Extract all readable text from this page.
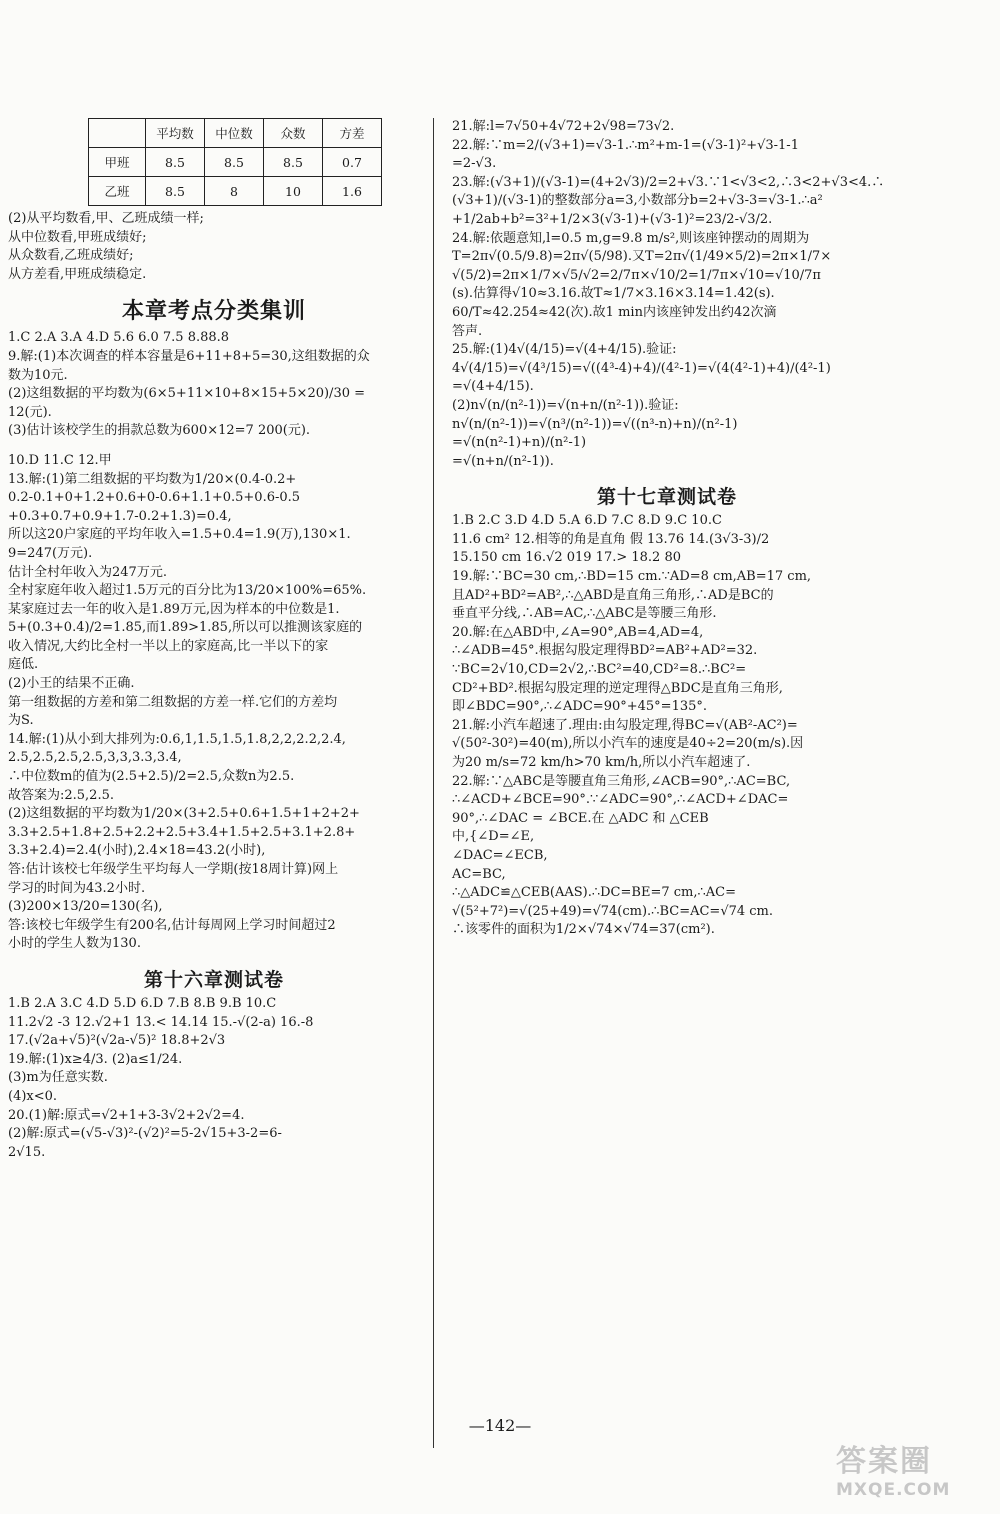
	平均数	中位数	众数	方差
甲班	8.5	8.5	8.5	0.7
乙班	8.5	8	10	1.6
(2)从平均数看,甲、乙班成绩一样;
从中位数看,甲班成绩好;
从众数看,乙班成绩好;
从方差看,甲班成绩稳定.
本章考点分类集训
1.C 2.A 3.A 4.D 5.6 6.0 7.5 8.88.8
9.解:(1)本次调查的样本容量是6+11+8+5=30,这组数据的众
数为10元.
(2)这组数据的平均数为(6×5+11×10+8×15+5×20)/30 =
12(元).
(3)估计该校学生的捐款总数为600×12=7 200(元).
10.D 11.C 12.甲
13.解:(1)第二组数据的平均数为1/20×(0.4-0.2+
0.2-0.1+0+1.2+0.6+0-0.6+1.1+0.5+0.6-0.5
+0.3+0.7+0.9+1.7-0.2+1.3)=0.4,
所以这20户家庭的平均年收入=1.5+0.4=1.9(万),130×1.
9=247(万元).
估计全村年收入为247万元.
全村家庭年收入超过1.5万元的百分比为13/20×100%=65%.
某家庭过去一年的收入是1.89万元,因为样本的中位数是1.
5+(0.3+0.4)/2=1.85,而1.89>1.85,所以可以推测该家庭的
收入情况,大约比全村一半以上的家庭高,比一半以下的家
庭低.
(2)小王的结果不正确.
第一组数据的方差和第二组数据的方差一样.它们的方差均
为S.
14.解:(1)从小到大排列为:0.6,1,1.5,1.5,1.8,2,2,2.2,2.4,
2.5,2.5,2.5,2.5,3,3,3.3,3.4,
∴中位数m的值为(2.5+2.5)/2=2.5,众数n为2.5.
故答案为:2.5,2.5.
(2)这组数据的平均数为1/20×(3+2.5+0.6+1.5+1+2+2+
3.3+2.5+1.8+2.5+2.2+2.5+3.4+1.5+2.5+3.1+2.8+
3.3+2.4)=2.4(小时),2.4×18=43.2(小时),
答:估计该校七年级学生平均每人一学期(按18周计算)网上
学习的时间为43.2小时.
(3)200×13/20=130(名),
答:该校七年级学生有200名,估计每周网上学习时间超过2
小时的学生人数为130.
第十六章测试卷
1.B 2.A 3.C 4.D 5.D 6.D 7.B 8.B 9.B 10.C
11.2√2 -3 12.√2+1 13.< 14.14 15.-√(2-a) 16.-8
17.(√2a+√5)²(√2a-√5)² 18.8+2√3
19.解:(1)x≥4/3. (2)a≤1/24.
(3)m为任意实数.
(4)x<0.
20.(1)解:原式=√2+1+3-3√2+2√2=4.
(2)解:原式=(√5-√3)²-(√2)²=5-2√15+3-2=6-
2√15.
21.解:l=7√50+4√72+2√98=73√2.
22.解:∵m=2/(√3+1)=√3-1.∴m²+m-1=(√3-1)²+√3-1-1
=2-√3.
23.解:(√3+1)/(√3-1)=(4+2√3)/2=2+√3.∵1<√3<2,∴3<2+√3<4.∴
(√3+1)/(√3-1)的整数部分a=3,小数部分b=2+√3-3=√3-1.∴a²
+1/2ab+b²=3²+1/2×3(√3-1)+(√3-1)²=23/2-√3/2.
24.解:依题意知,l=0.5 m,g=9.8 m/s²,则该座钟摆动的周期为
T=2π√(0.5/9.8)=2π√(5/98).又T=2π√(1/49×5/2)=2π×1/7×
√(5/2)=2π×1/7×√5/√2=2/7π×√10/2=1/7π×√10=√10/7π
(s).估算得√10≈3.16.故T≈1/7×3.16×3.14=1.42(s).
60/T≈42.254≈42(次).故1 min内该座钟发出约42次滴
答声.
25.解:(1)4√(4/15)=√(4+4/15).验证:
4√(4/15)=√(4³/15)=√((4³-4)+4)/(4²-1)=√(4(4²-1)+4)/(4²-1)
=√(4+4/15).
(2)n√(n/(n²-1))=√(n+n/(n²-1)).验证:
n√(n/(n²-1))=√(n³/(n²-1))=√((n³-n)+n)/(n²-1)
=√(n(n²-1)+n)/(n²-1)
=√(n+n/(n²-1)).
第十七章测试卷
1.B 2.C 3.D 4.D 5.A 6.D 7.C 8.D 9.C 10.C
11.6 cm² 12.相等的角是直角 假 13.76 14.(3√3-3)/2
15.150 cm 16.√2 019 17.> 18.2 80
19.解:∵BC=30 cm,∴BD=15 cm.∵AD=8 cm,AB=17 cm,
且AD²+BD²=AB²,∴△ABD是直角三角形,∴AD是BC的
垂直平分线,∴AB=AC,∴△ABC是等腰三角形.
20.解:在△ABD中,∠A=90°,AB=4,AD=4,
∴∠ADB=45°.根据勾股定理得BD²=AB²+AD²=32.
∵BC=2√10,CD=2√2,∴BC²=40,CD²=8.∴BC²=
CD²+BD².根据勾股定理的逆定理得△BDC是直角三角形,
即∠BDC=90°,∴∠ADC=90°+45°=135°.
21.解:小汽车超速了.理由:由勾股定理,得BC=√(AB²-AC²)=
√(50²-30²)=40(m),所以小汽车的速度是40÷2=20(m/s).因
为20 m/s=72 km/h>70 km/h,所以小汽车超速了.
22.解:∵△ABC是等腰直角三角形,∠ACB=90°,∴AC=BC,
∴∠ACD+∠BCE=90°.∵∠ADC=90°,∴∠ACD+∠DAC=
90°,∴∠DAC = ∠BCE.在 △ADC 和 △CEB
中,{∠D=∠E,
∠DAC=∠ECB,
AC=BC,
∴△ADC≌△CEB(AAS).∴DC=BE=7 cm,∴AC=
√(5²+7²)=√(25+49)=√74(cm).∴BC=AC=√74 cm.
∴该零件的面积为1/2×√74×√74=37(cm²).
—142—
答案圈
MXQE.COM
